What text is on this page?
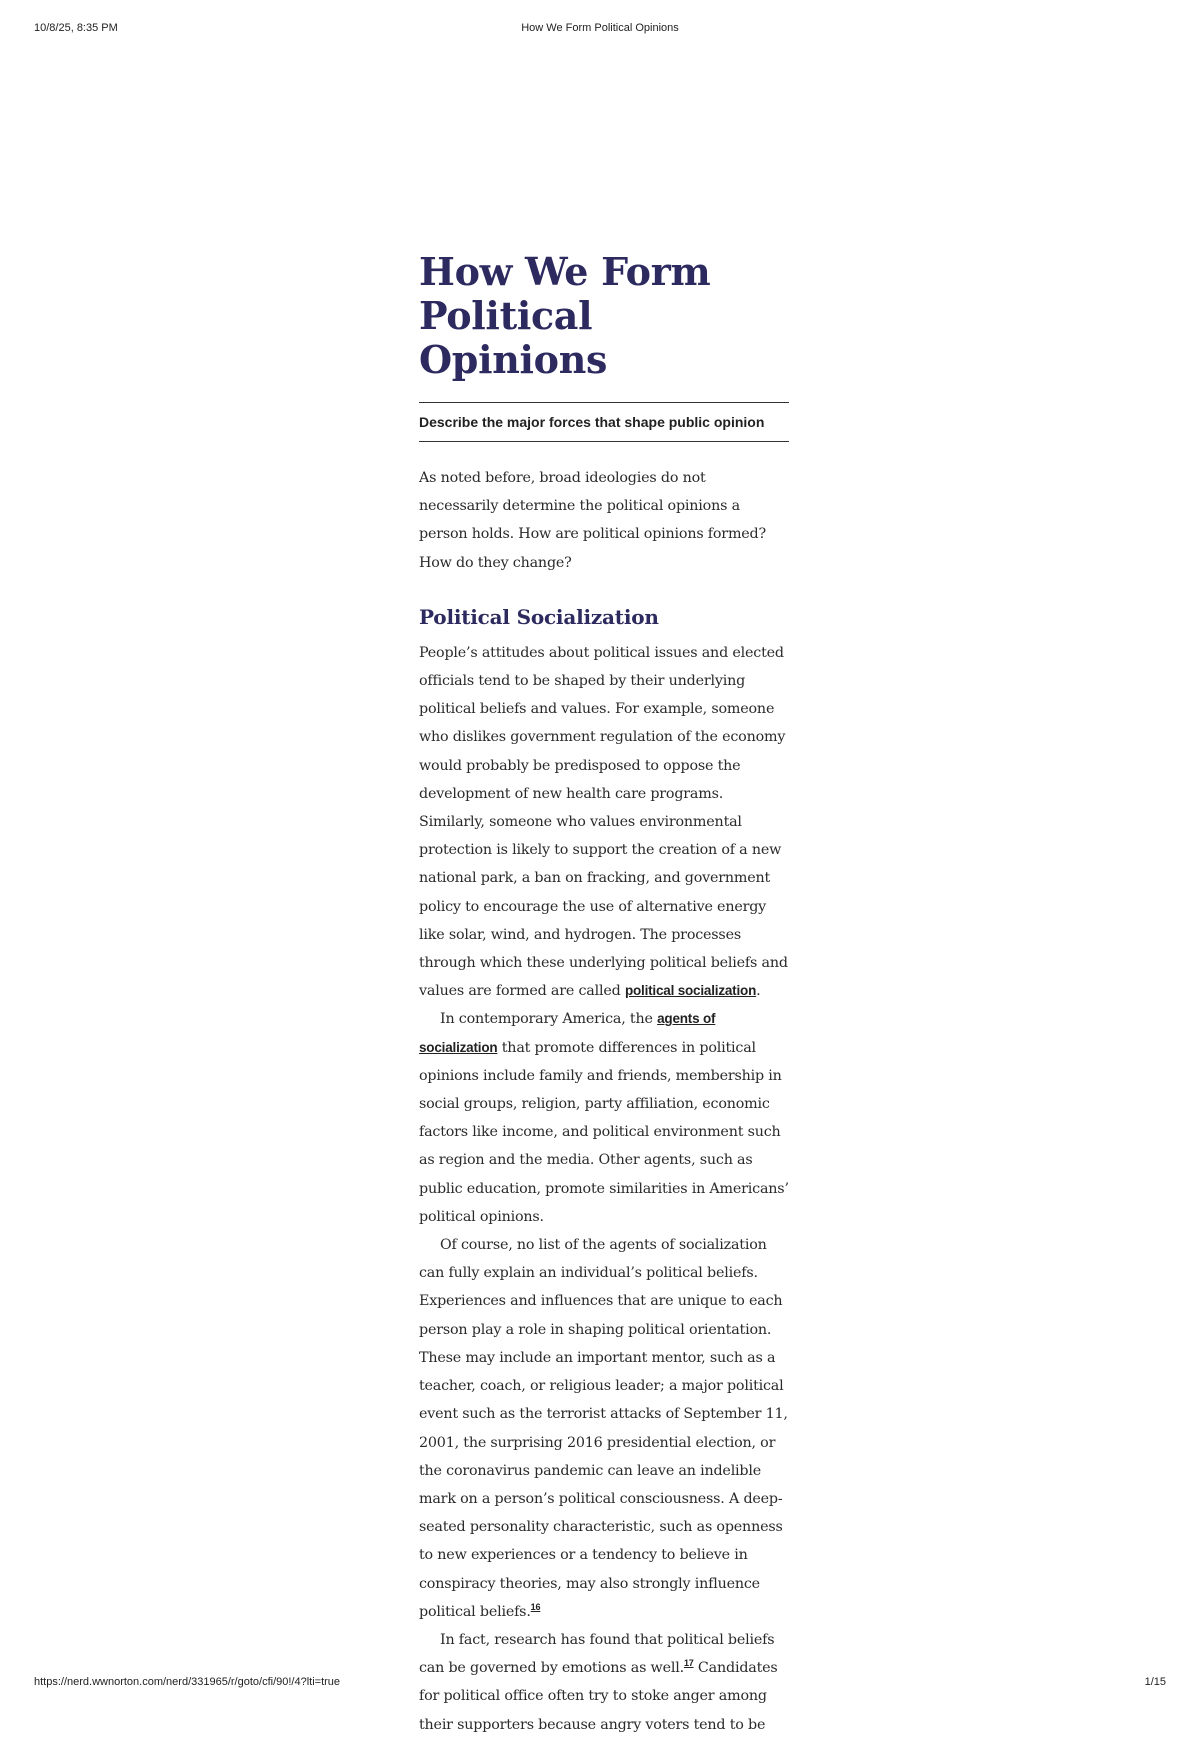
10/8/25, 8:35 PM	How We Form Political Opinions
How We Form
Political Opinions
Describe the major forces that shape public opinion

As noted before, broad ideologies do not necessarily determine the political opinions a person holds. How are political opinions formed? How do they change?

Political Socialization

People’s attitudes about political issues and elected officials tend to be shaped by their underlying political beliefs and values. For example, someone who dislikes government regulation of the economy would probably be predisposed to oppose the development of new health care programs. Similarly, someone who values environmental protection is likely to support the creation of a new national park, a ban on fracking, and government policy to encourage the use of alternative energy like solar, wind, and hydrogen. The processes through which these underlying political beliefs and values are formed are called political socialization.

In contemporary America, the agents of socialization that promote differences in political opinions include family and friends, membership in social groups, religion, party affiliation, economic factors like income, and political environment such as region and the media. Other agents, such as public education, promote similarities in Americans’ political opinions.

Of course, no list of the agents of socialization can fully explain an individual’s political beliefs. Experiences and influences that are unique to each person play a role in shaping political orientation. These may include an important mentor, such as a teacher, coach, or religious leader; a major political event such as the terrorist attacks of September 11, 2001, the surprising 2016 presidential election, or the coronavirus pandemic can leave an indelible mark on a person’s political consciousness. A deep-seated personality characteristic, such as openness to new experiences or a tendency to believe in conspiracy theories, may also strongly influence political beliefs.$^{16}$

In fact, research has found that political beliefs can be governed by emotions as well.$^{17}$ Candidates for political office often try to stoke anger among their supporters because angry voters tend to be

https://nerd.wwnorton.com/nerd/331965/r/goto/cfi/90!/4?lti=true	1/15
